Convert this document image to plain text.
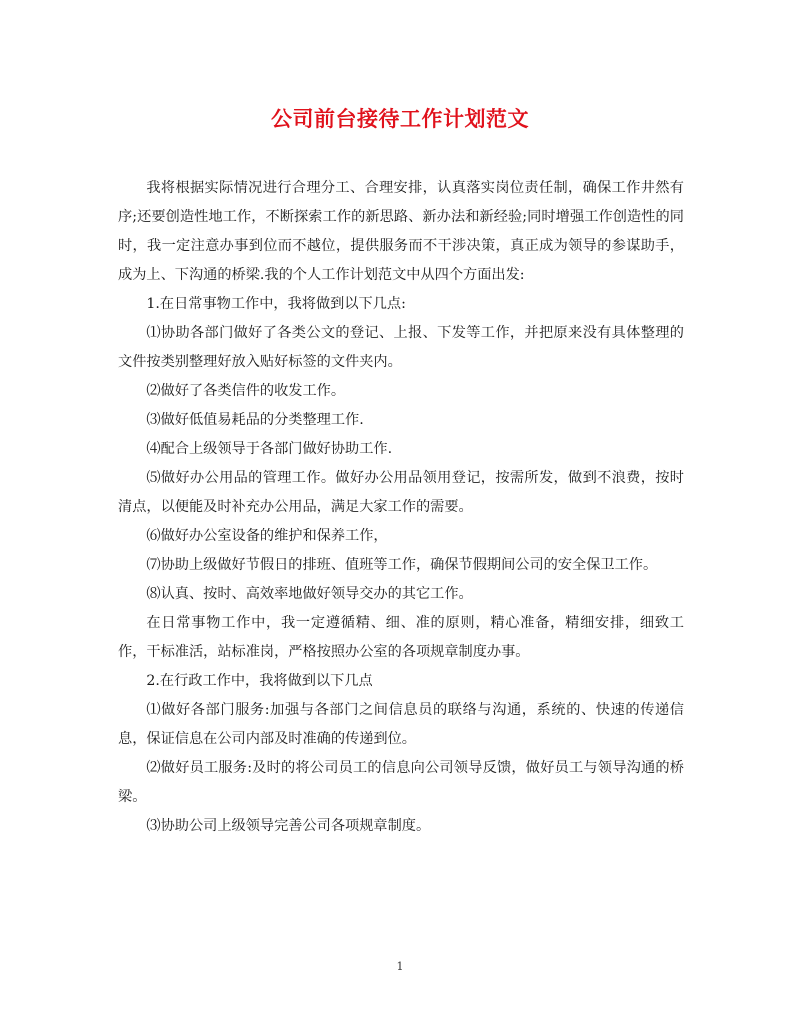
公司前台接待工作计划范文

我将根据实际情况进行合理分工、合理安排，认真落实岗位责任制，确保工作井然有序;还要创造性地工作，不断探索工作的新思路、新办法和新经验;同时增强工作创造性的同时，我一定注意办事到位而不越位，提供服务而不干涉决策，真正成为领导的参谋助手，成为上、下沟通的桥梁.我的个人工作计划范文中从四个方面出发:

1.在日常事物工作中，我将做到以下几点:

⑴协助各部门做好了各类公文的登记、上报、下发等工作，并把原来没有具体整理的文件按类别整理好放入贴好标签的文件夹内。

⑵做好了各类信件的收发工作。

⑶做好低值易耗品的分类整理工作.

⑷配合上级领导于各部门做好协助工作.

⑸做好办公用品的管理工作。做好办公用品领用登记，按需所发，做到不浪费，按时清点，以便能及时补充办公用品，满足大家工作的需要。

⑹做好办公室设备的维护和保养工作，

⑺协助上级做好节假日的排班、值班等工作，确保节假期间公司的安全保卫工作。

⑻认真、按时、高效率地做好领导交办的其它工作。

在日常事物工作中，我一定遵循精、细、准的原则，精心准备，精细安排，细致工作，干标准活，站标准岗，严格按照办公室的各项规章制度办事。

2.在行政工作中，我将做到以下几点

⑴做好各部门服务:加强与各部门之间信息员的联络与沟通，系统的、快速的传递信息，保证信息在公司内部及时准确的传递到位。

⑵做好员工服务:及时的将公司员工的信息向公司领导反馈，做好员工与领导沟通的桥梁。

⑶协助公司上级领导完善公司各项规章制度。

1
